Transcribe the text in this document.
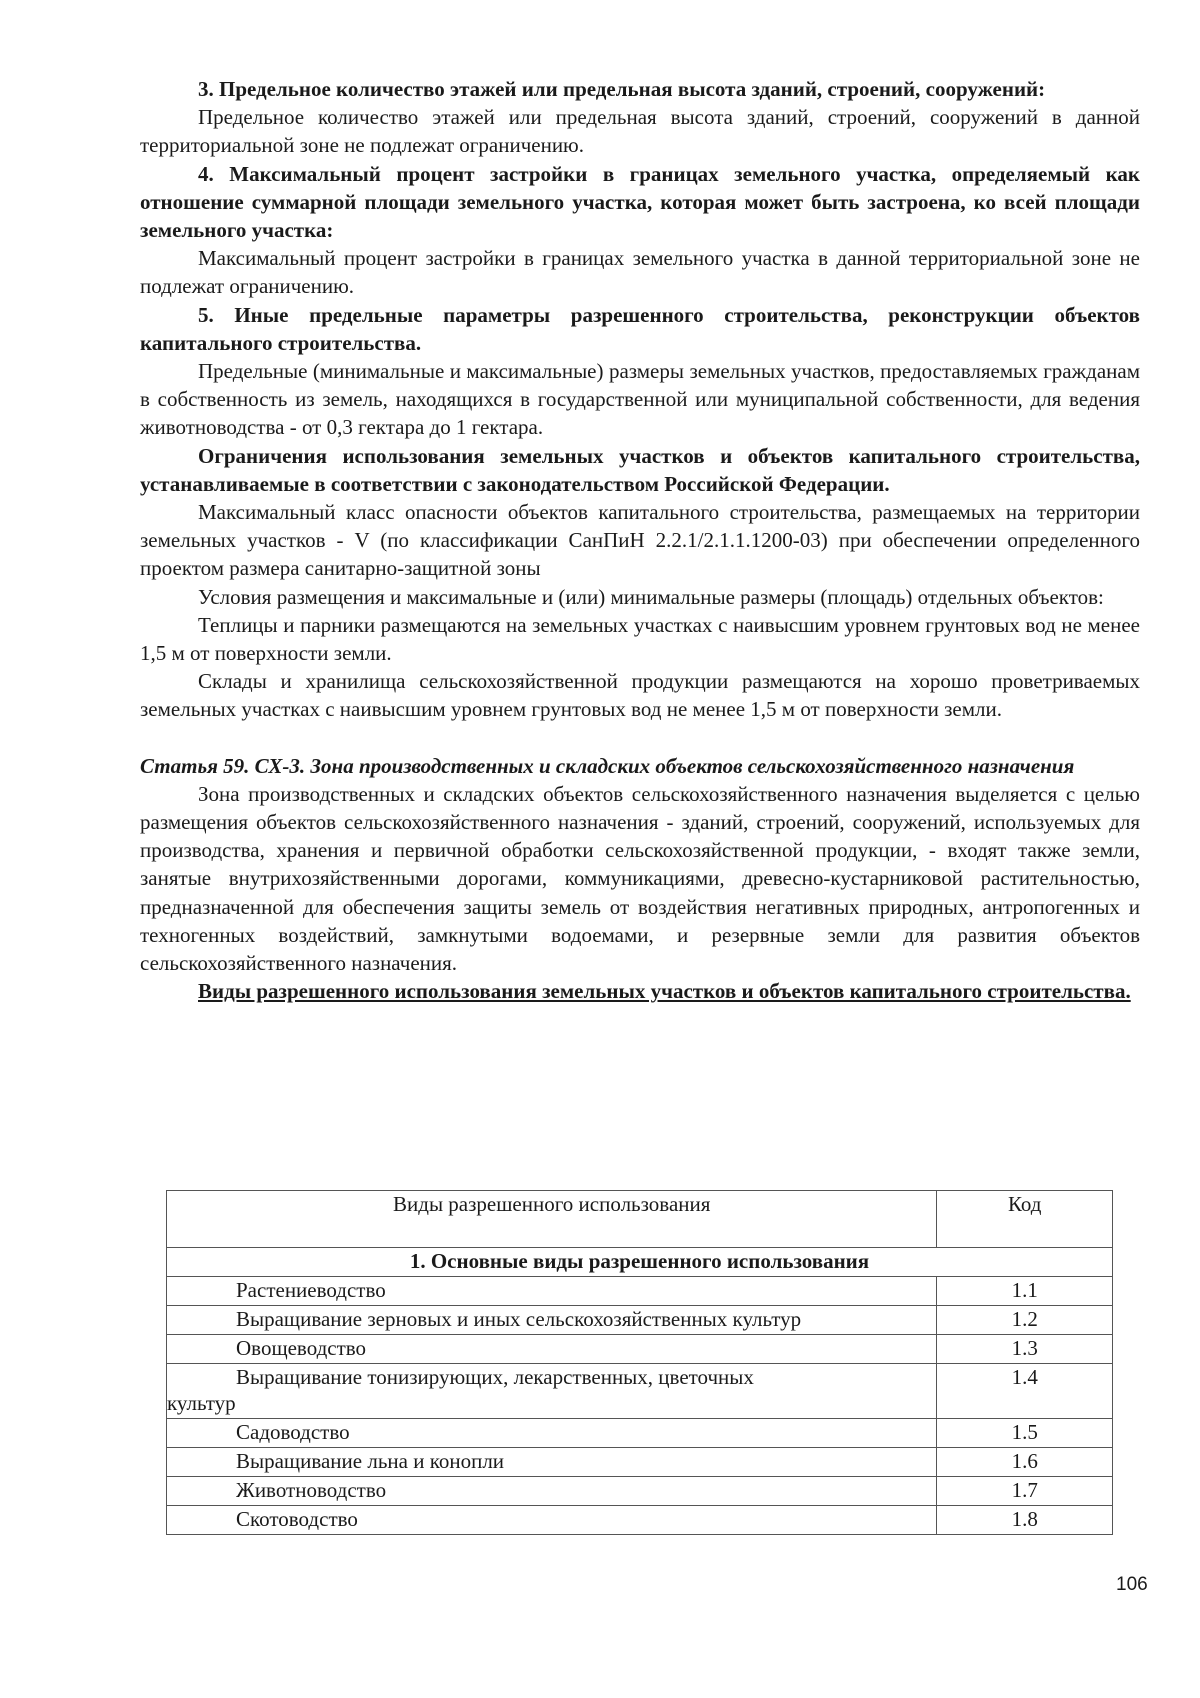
3. Предельное количество этажей или предельная высота зданий, строений, сооружений:

Предельное количество этажей или предельная высота зданий, строений, сооружений в данной территориальной зоне не подлежат ограничению.

4. Максимальный процент застройки в границах земельного участка, определяемый как отношение суммарной площади земельного участка, которая может быть застроена, ко всей площади земельного участка:

Максимальный процент застройки в границах земельного участка в данной территориальной зоне не подлежат ограничению.

5. Иные предельные параметры разрешенного строительства, реконструкции объектов капитального строительства.

Предельные (минимальные и максимальные) размеры земельных участков, предоставляемых гражданам в собственность из земель, находящихся в государственной или муниципальной собственности, для ведения животноводства - от 0,3 гектара до 1 гектара.

Ограничения использования земельных участков и объектов капитального строительства, устанавливаемые в соответствии с законодательством Российской Федерации.

Максимальный класс опасности объектов капитального строительства, размещаемых на территории земельных участков - V (по классификации СанПиН 2.2.1/2.1.1.1200-03) при обеспечении определенного проектом размера санитарно-защитной зоны

Условия размещения и максимальные и (или) минимальные размеры (площадь) отдельных объектов:

Теплицы и парники размещаются на земельных участках с наивысшим уровнем грунтовых вод не менее 1,5 м от поверхности земли.

Склады и хранилища сельскохозяйственной продукции размещаются на хорошо проветриваемых земельных участках с наивысшим уровнем грунтовых вод не менее 1,5 м от поверхности земли.

Статья 59. СХ-3. Зона производственных и складских объектов сельскохозяйственного назначения

Зона производственных и складских объектов сельскохозяйственного назначения выделяется с целью размещения объектов сельскохозяйственного назначения - зданий, строений, сооружений, используемых для производства, хранения и первичной обработки сельскохозяйственной продукции, - входят также земли, занятые внутрихозяйственными дорогами, коммуникациями, древесно-кустарниковой растительностью, предназначенной для обеспечения защиты земель от воздействия негативных природных, антропогенных и техногенных воздействий, замкнутыми водоемами, и резервные земли для развития объектов сельскохозяйственного назначения.

Виды разрешенного использования земельных участков и объектов капитального строительства.

Виды разрешенного использования	Код
1. Основные виды разрешенного использования	
Растениеводство	1.1
Выращивание зерновых и иных сельскохозяйственных культур	1.2
Овощеводство	1.3

Выращивание тонизирующих, лекарственных, цветочных
культур	1.4
Садоводство	1.5
Выращивание льна и конопли	1.6
Животноводство	1.7
Скотоводство	1.8
106
